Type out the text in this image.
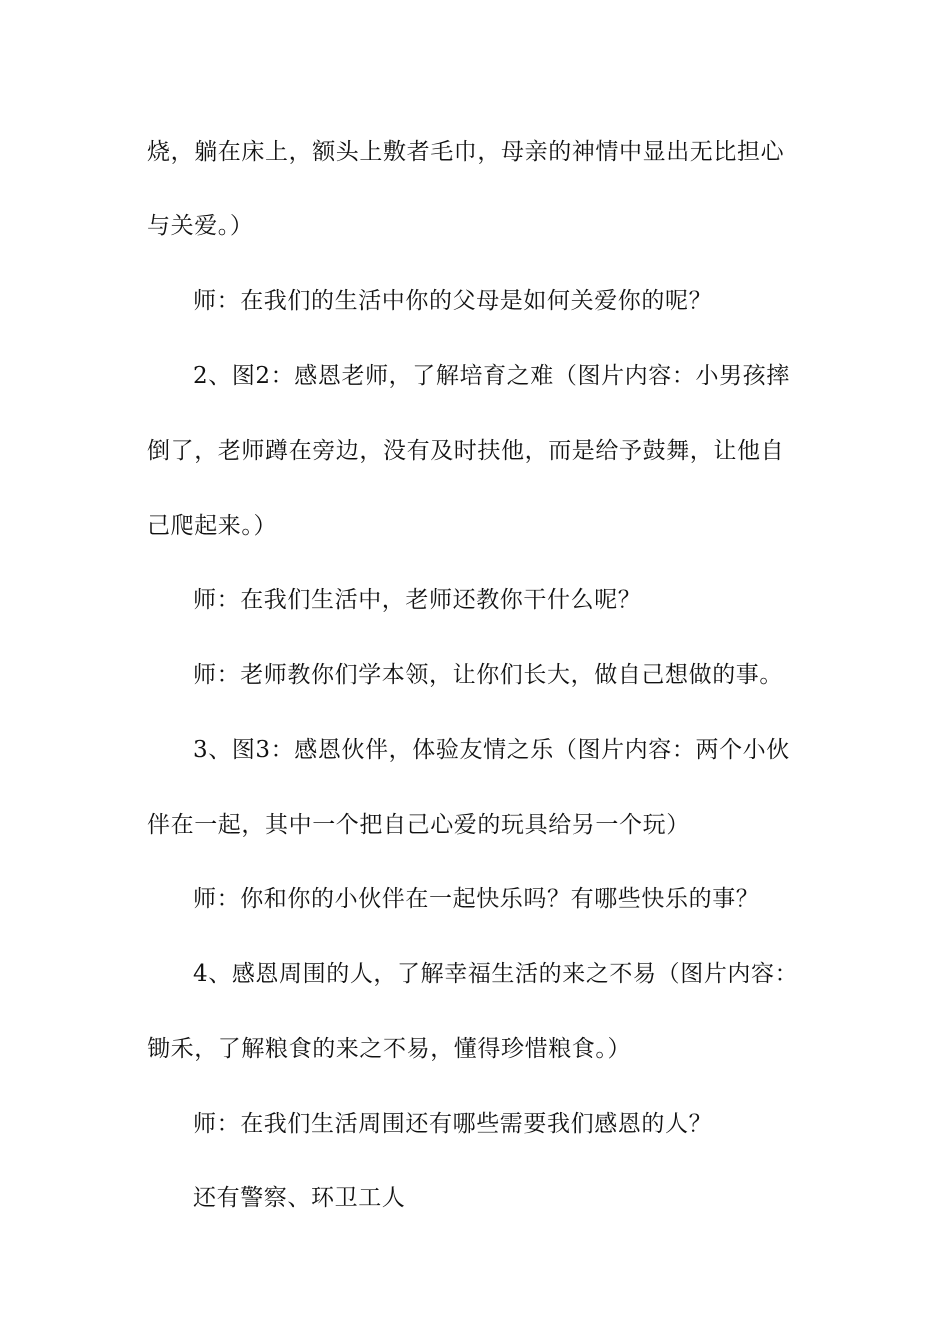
烧，躺在床上，额头上敷者毛巾，母亲的神情中显出无比担心
与关爱。）
师：在我们的生活中你的父母是如何关爱你的呢？
2、图2：感恩老师，了解培育之难（图片内容：小男孩摔
倒了，老师蹲在旁边，没有及时扶他，而是给予鼓舞，让他自
己爬起来。）
师：在我们生活中，老师还教你干什么呢？
师：老师教你们学本领，让你们长大，做自己想做的事。
3、图3：感恩伙伴，体验友情之乐（图片内容：两个小伙
伴在一起，其中一个把自己心爱的玩具给另一个玩）
师：你和你的小伙伴在一起快乐吗？有哪些快乐的事？
4、感恩周围的人，了解幸福生活的来之不易（图片内容：
锄禾，了解粮食的来之不易，懂得珍惜粮食。）
师：在我们生活周围还有哪些需要我们感恩的人？
还有警察、环卫工人
